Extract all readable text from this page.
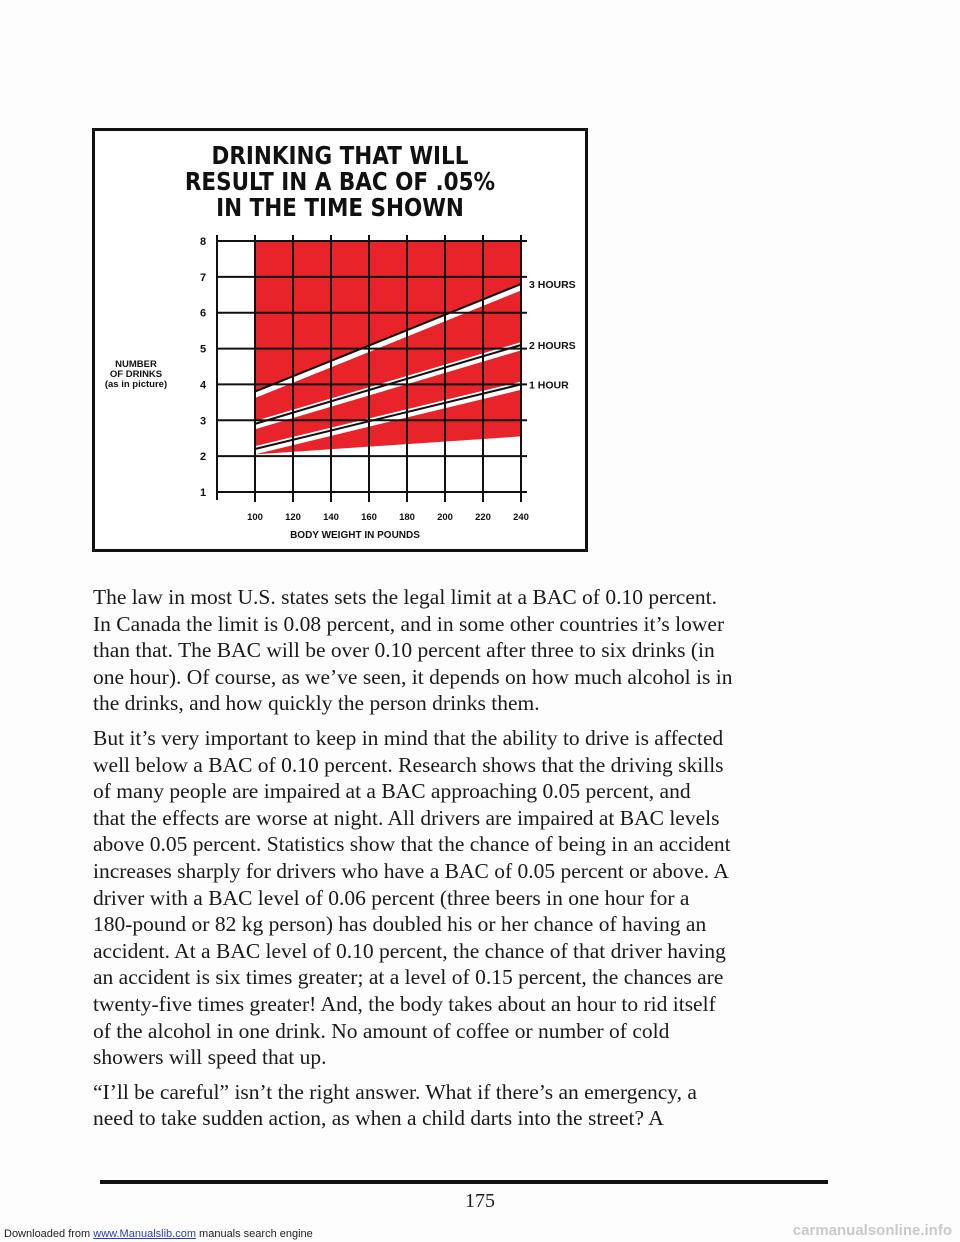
DRINKING THAT WILL
RESULT IN A BAC OF .05%
IN THE TIME SHOWN
3 HOURS
2 HOURS
1 HOUR
8
7
6
5
4
3
2
1
100 120 140 160 180 200 220 240
BODY WEIGHT IN POUNDS
NUMBER
OF DRINKS
(as in picture)

The law in most U.S. states sets the legal limit at a BAC of 0.10 percent.
In Canada the limit is 0.08 percent, and in some other countries it’s lower
than that. The BAC will be over 0.10 percent after three to six drinks (in
one hour). Of course, as we’ve seen, it depends on how much alcohol is in
the drinks, and how quickly the person drinks them.

But it’s very important to keep in mind that the ability to drive is affected
well below a BAC of 0.10 percent. Research shows that the driving skills
of many people are impaired at a BAC approaching 0.05 percent, and
that the effects are worse at night. All drivers are impaired at BAC levels
above 0.05 percent. Statistics show that the chance of being in an accident
increases sharply for drivers who have a BAC of 0.05 percent or above. A
driver with a BAC level of 0.06 percent (three beers in one hour for a
180-pound or 82 kg person) has doubled his or her chance of having an
accident. At a BAC level of 0.10 percent, the chance of that driver having
an accident is six times greater; at a level of 0.15 percent, the chances are
twenty-five times greater! And, the body takes about an hour to rid itself
of the alcohol in one drink. No amount of coffee or number of cold
showers will speed that up.

“I’ll be careful” isn’t the right answer. What if there’s an emergency, a
need to take sudden action, as when a child darts into the street? A

175
Downloaded from www.Manualslib.com manuals search engine	carmanualsonline.info
